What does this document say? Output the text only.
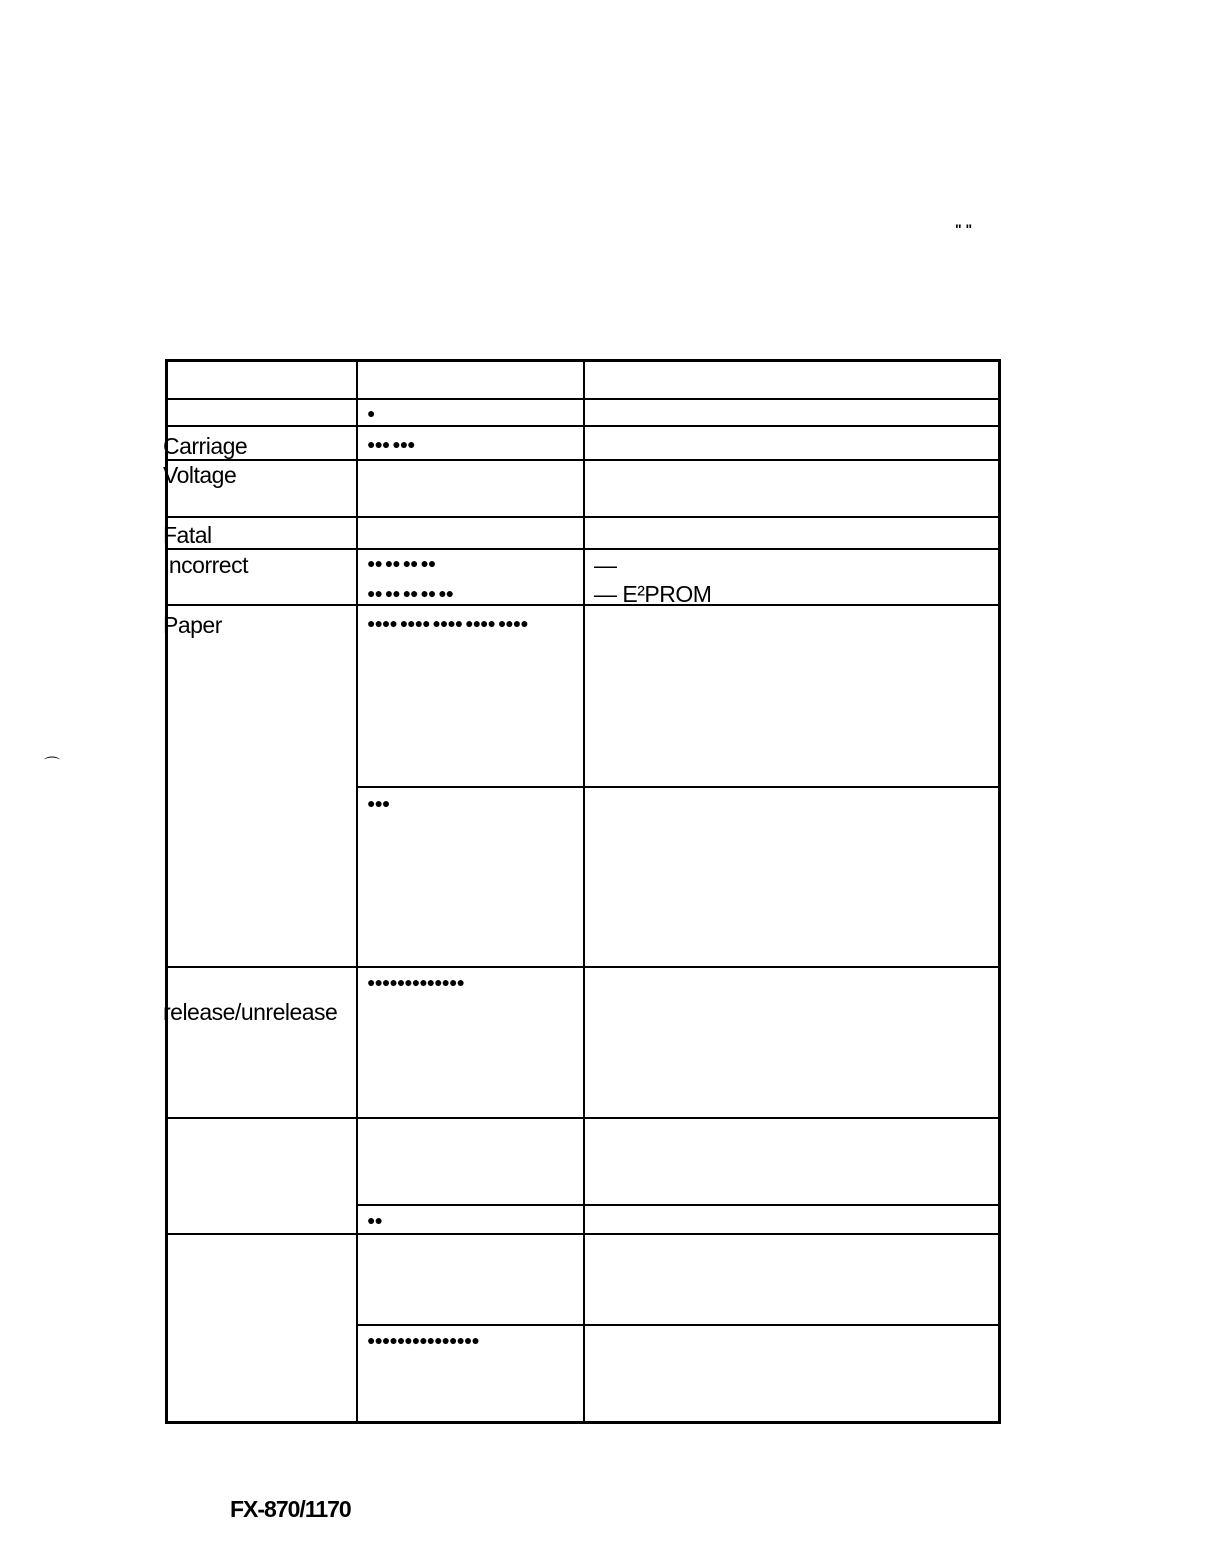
" "
⌒
Carriage
Voltage
Fatal
Incorrect
Paper
release/unrelease
●
●●● ●●●
●● ●● ●● ●●
●● ●● ●● ●● ●●
●●●● ●●●● ●●●● ●●●● ●●●●
●●●
●●●●●●●●●●●●●
●●
●●●●●●●●●●●●●●●
—
— E²PROM
FX-870/1170
